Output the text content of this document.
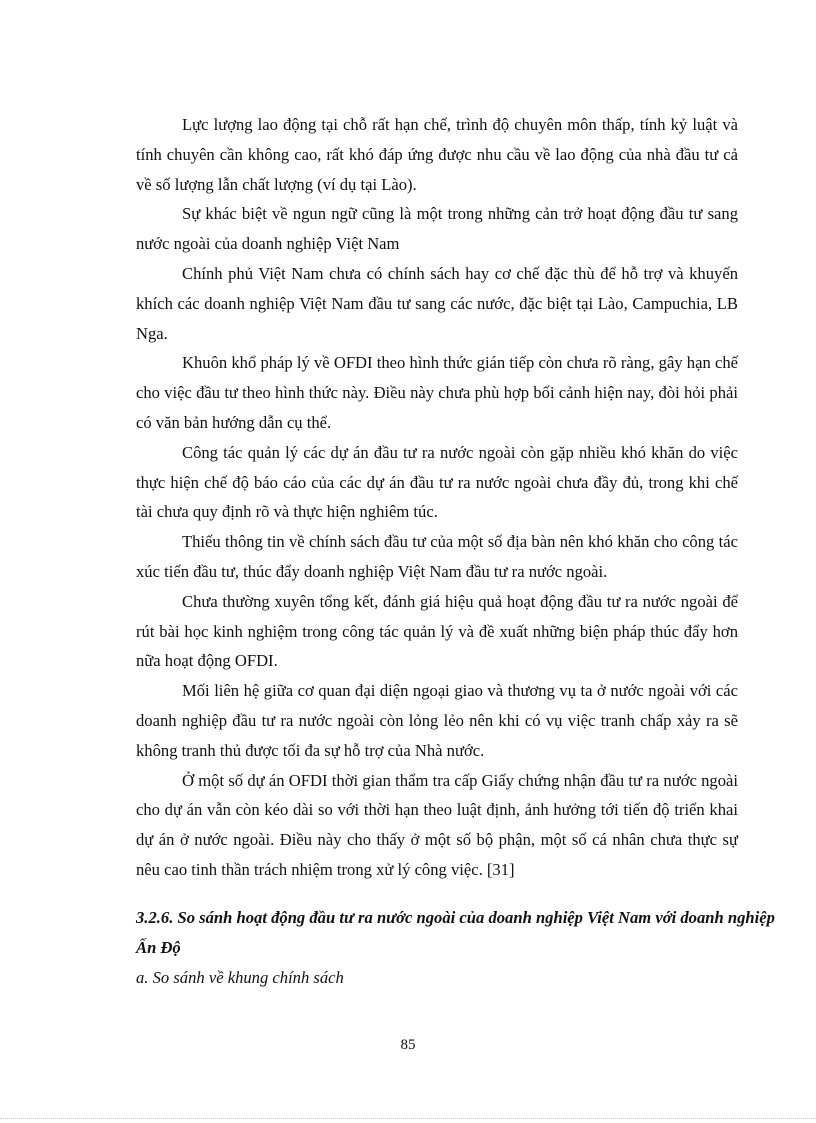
Lực lượng lao động tại chỗ rất hạn chế, trình độ chuyên môn thấp, tính kỷ luật và tính chuyên cần không cao, rất khó đáp ứng được nhu cầu về lao động của nhà đầu tư cả về số lượng lẫn chất lượng (ví dụ tại Lào).

Sự khác biệt về ngun ngữ cũng là một trong những cản trở hoạt động đầu tư sang nước ngoài của doanh nghiệp Việt Nam

Chính phủ Việt Nam chưa có chính sách hay cơ chế đặc thù để hỗ trợ và khuyến khích các doanh nghiệp Việt Nam đầu tư sang các nước, đặc biệt tại Lào, Campuchia, LB Nga.

Khuôn khổ pháp lý về OFDI theo hình thức gián tiếp còn chưa rõ ràng, gây hạn chế cho việc đầu tư theo hình thức này. Điều này chưa phù hợp bối cảnh hiện nay, đòi hỏi phải có văn bản hướng dẫn cụ thể.

Công tác quản lý các dự án đầu tư ra nước ngoài còn gặp nhiều khó khăn do việc thực hiện chế độ báo cáo của các dự án đầu tư ra nước ngoài chưa đầy đủ, trong khi chế tài chưa quy định rõ và thực hiện nghiêm túc.

Thiếu thông tin về chính sách đầu tư của một số địa bàn nên khó khăn cho công tác xúc tiến đầu tư, thúc đẩy doanh nghiệp Việt Nam đầu tư ra nước ngoài.

Chưa thường xuyên tổng kết, đánh giá hiệu quả hoạt động đầu tư ra nước ngoài để rút bài học kinh nghiệm trong công tác quản lý và đề xuất những biện pháp thúc đẩy hơn nữa hoạt động OFDI.

Mối liên hệ giữa cơ quan đại diện ngoại giao và thương vụ ta ở nước ngoài với các doanh nghiệp đầu tư ra nước ngoài còn lỏng lẻo nên khi có vụ việc tranh chấp xảy ra sẽ không tranh thủ được tối đa sự hỗ trợ của Nhà nước.

Ở một số dự án OFDI thời gian thẩm tra cấp Giấy chứng nhận đầu tư ra nước ngoài cho dự án vẫn còn kéo dài so với thời hạn theo luật định, ảnh hưởng tới tiến độ triển khai dự án ở nước ngoài. Điều này cho thấy ở một số bộ phận, một số cá nhân chưa thực sự nêu cao tinh thần trách nhiệm trong xử lý công việc. [31]

3.2.6. So sánh hoạt động đầu tư ra nước ngoài của doanh nghiệp Việt Nam với doanh nghiệp Ấn Độ

a. So sánh về khung chính sách

85
